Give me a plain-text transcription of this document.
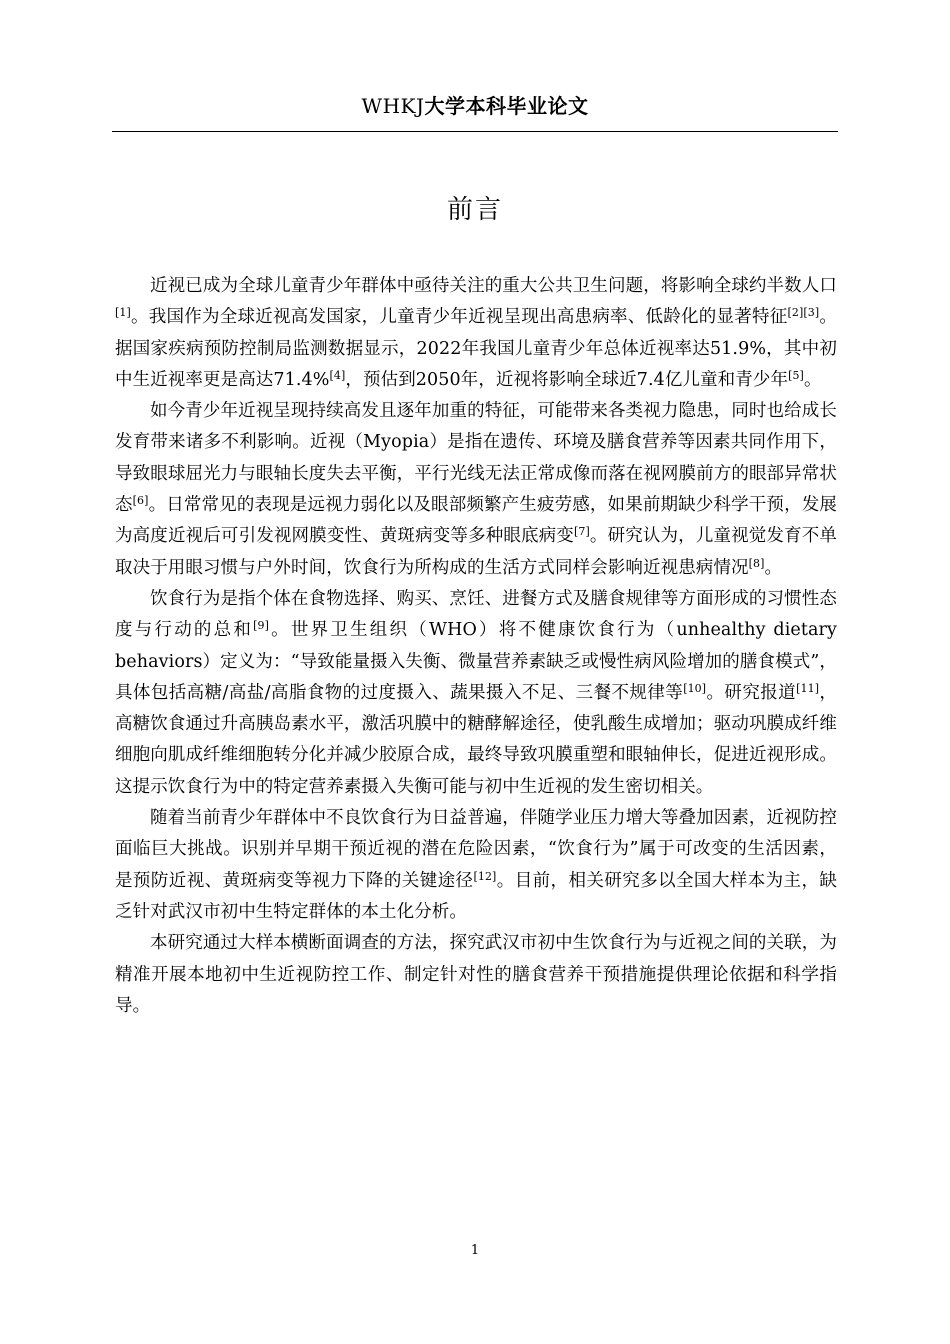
WHKJ大学本科毕业论文
前言

近视已成为全球儿童青少年群体中亟待关注的重大公共卫生问题，将影响全球约半数人口[1]。我国作为全球近视高发国家，儿童青少年近视呈现出高患病率、低龄化的显著特征[2][3]。据国家疾病预防控制局监测数据显示，2022年我国儿童青少年总体近视率达51.9%，其中初中生近视率更是高达71.4%[4]，预估到2050年，近视将影响全球近7.4亿儿童和青少年[5]。

如今青少年近视呈现持续高发且逐年加重的特征，可能带来各类视力隐患，同时也给成长发育带来诸多不利影响。近视（Myopia）是指在遗传、环境及膳食营养等因素共同作用下，导致眼球屈光力与眼轴长度失去平衡，平行光线无法正常成像而落在视网膜前方的眼部异常状态[6]。日常常见的表现是远视力弱化以及眼部频繁产生疲劳感，如果前期缺少科学干预，发展为高度近视后可引发视网膜变性、黄斑病变等多种眼底病变[7]。研究认为，儿童视觉发育不单取决于用眼习惯与户外时间，饮食行为所构成的生活方式同样会影响近视患病情况[8]。

饮食行为是指个体在食物选择、购买、烹饪、进餐方式及膳食规律等方面形成的习惯性态度与行动的总和[9]。世界卫生组织（WHO）将不健康饮食行为（unhealthy dietary behaviors）定义为：“导致能量摄入失衡、微量营养素缺乏或慢性病风险增加的膳食模式”，具体包括高糖/高盐/高脂食物的过度摄入、蔬果摄入不足、三餐不规律等[10]。研究报道[11]，高糖饮食通过升高胰岛素水平，激活巩膜中的糖酵解途径，使乳酸生成增加；驱动巩膜成纤维细胞向肌成纤维细胞转分化并减少胶原合成，最终导致巩膜重塑和眼轴伸长，促进近视形成。这提示饮食行为中的特定营养素摄入失衡可能与初中生近视的发生密切相关。

随着当前青少年群体中不良饮食行为日益普遍，伴随学业压力增大等叠加因素，近视防控面临巨大挑战。识别并早期干预近视的潜在危险因素，“饮食行为”属于可改变的生活因素，是预防近视、黄斑病变等视力下降的关键途径[12]。目前，相关研究多以全国大样本为主，缺乏针对武汉市初中生特定群体的本土化分析。

本研究通过大样本横断面调查的方法，探究武汉市初中生饮食行为与近视之间的关联，为精准开展本地初中生近视防控工作、制定针对性的膳食营养干预措施提供理论依据和科学指导。

1
